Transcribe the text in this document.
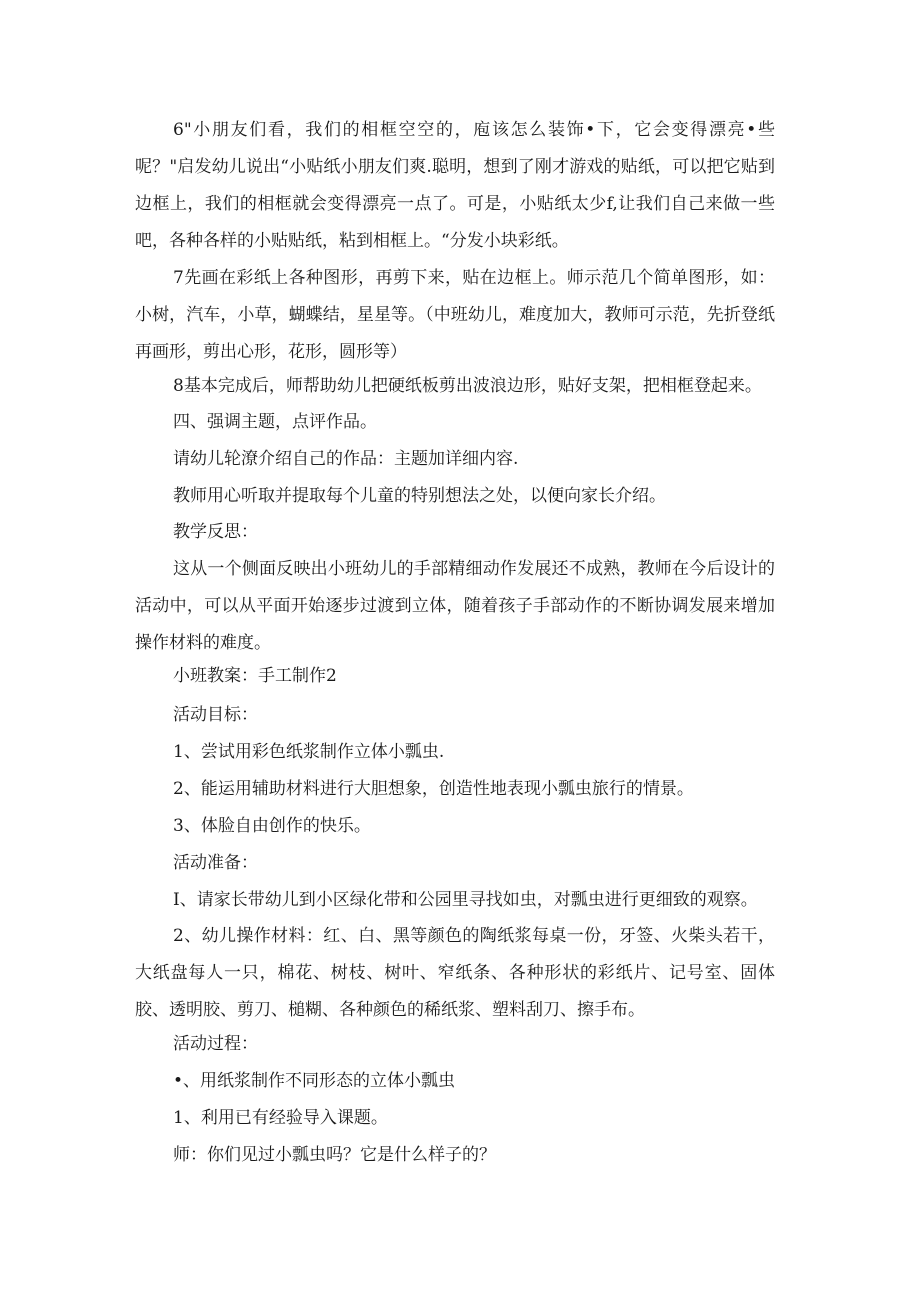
6"小朋友们看，我们的相框空空的，庖该怎么装饰•下，它会变得漂亮•些呢？"启发幼儿说出“小贴纸小朋友们爽.聪明，想到了刚才游戏的贴纸，可以把它贴到边框上，我们的相框就会变得漂亮一点了。可是，小贴纸太少f,让我们自己来做一些吧，各种各样的小贴贴纸，粘到相框上。“分发小块彩纸。

7先画在彩纸上各种图形，再剪下来，贴在边框上。师示范几个简单图形，如：小树，汽车，小草，蝴蝶结，星星等。（中班幼儿，难度加大，教师可示范，先折登纸再画形，剪出心形，花形，圆形等）

8基本完成后，师帮助幼儿把硬纸板剪出波浪边形，贴好支架，把相框登起来。

四、强调主题，点评作品。

请幼儿轮潦介绍自己的作品：主题加详细内容.

教师用心听取并提取每个儿童的特别想法之处，以便向家长介绍。

教学反思：

这从一个侧面反映出小班幼儿的手部精细动作发展还不成熟，教师在今后设计的活动中，可以从平面开始逐步过渡到立体，随着孩子手部动作的不断协调发展来增加操作材料的难度。

小班教案：手工制作2

活动目标：

1、尝试用彩色纸浆制作立体小瓢虫.

2、能运用辅助材料进行大胆想象，创造性地表现小瓢虫旅行的情景。

3、体脸自由创作的快乐。

活动准备：

I、请家长带幼儿到小区绿化带和公园里寻找如虫，对瓢虫进行更细致的观察。

2、幼儿操作材料：红、白、黑等颜色的陶纸浆每桌一份，牙签、火柴头若干，大纸盘每人一只，棉花、树枝、树叶、窄纸条、各种形状的彩纸片、记号室、固体胶、透明胶、剪刀、槌糊、各种颜色的稀纸浆、塑料刮刀、擦手布。

活动过程：

•、用纸浆制作不同形态的立体小瓢虫

1、利用已有经验导入课题。

师：你们见过小瓢虫吗？它是什么样子的？
